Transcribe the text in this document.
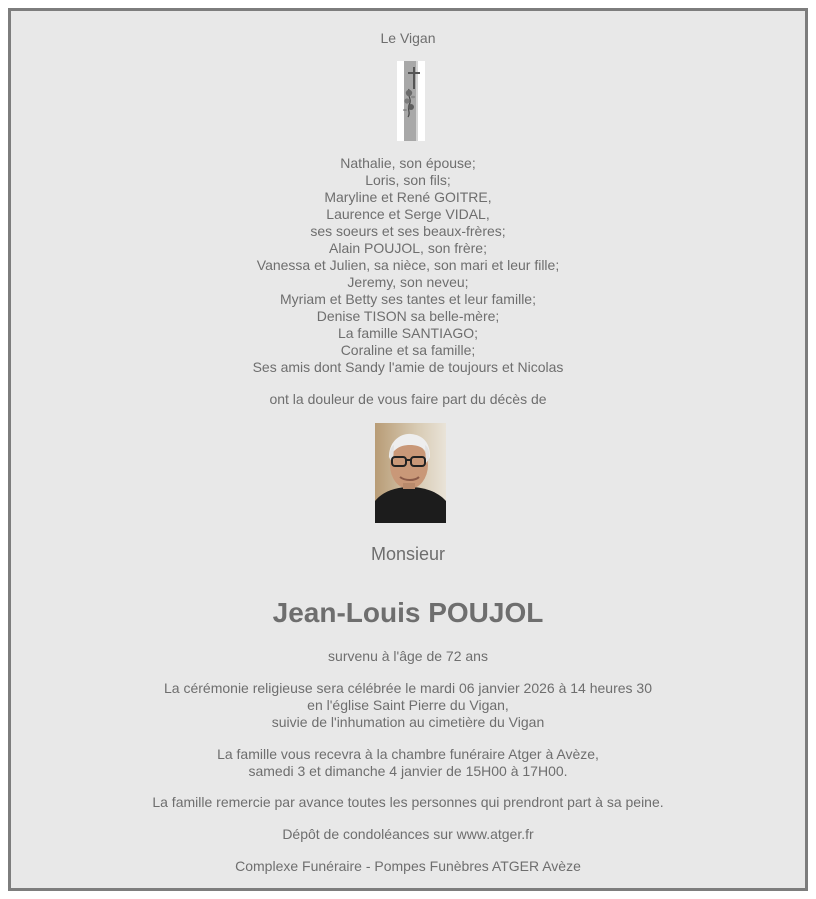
Le Vigan
Nathalie, son épouse;
Loris, son fils;
Maryline et René GOITRE,
Laurence et Serge VIDAL,
ses soeurs et ses beaux-frères;
Alain POUJOL, son frère;
Vanessa et Julien, sa nièce, son mari et leur fille;
Jeremy, son neveu;
Myriam et Betty ses tantes et leur famille;
Denise TISON sa belle-mère;
La famille SANTIAGO;
Coraline et sa famille;
Ses amis dont Sandy l'amie de toujours et Nicolas
ont la douleur de vous faire part du décès de
Monsieur
Jean-Louis POUJOL
survenu à l'âge de 72 ans
La cérémonie religieuse sera célébrée le mardi 06 janvier 2026 à 14 heures 30
en l'église Saint Pierre du Vigan,
suivie de l'inhumation au cimetière du Vigan
La famille vous recevra à la chambre funéraire Atger à Avèze,
samedi 3 et dimanche 4 janvier de 15H00 à 17H00.
La famille remercie par avance toutes les personnes qui prendront part à sa peine.
Dépôt de condoléances sur www.atger.fr
Complexe Funéraire - Pompes Funèbres ATGER Avèze
